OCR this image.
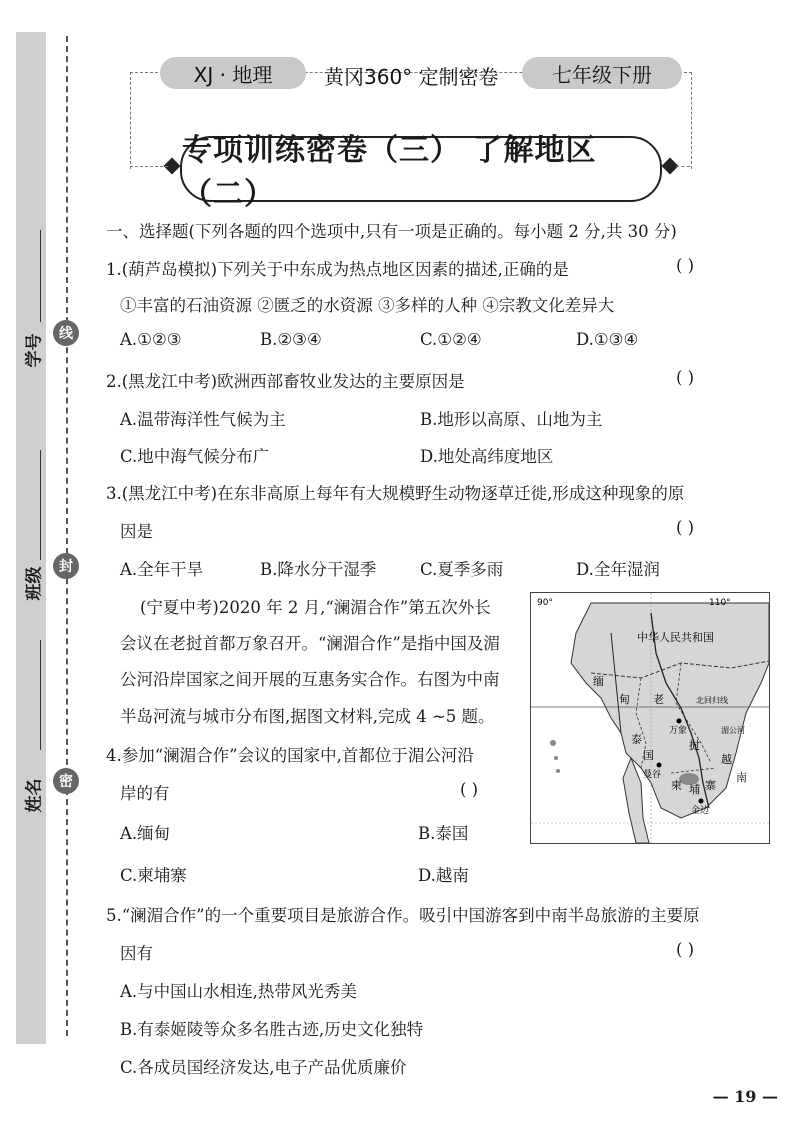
线
封
密
学号
班级
姓名
XJ · 地理	黄冈360° 定制密卷	七年级下册
专项训练密卷（三） 了解地区（二）
一、选择题(下列各题的四个选项中,只有一项是正确的。每小题 2 分,共 30 分)
1.(葫芦岛模拟)下列关于中东成为热点地区因素的描述,正确的是	( )
①丰富的石油资源 ②匮乏的水资源 ③多样的人种 ④宗教文化差异大
A.①②③	B.②③④	C.①②④	D.①③④
2.(黑龙江中考)欧洲西部畜牧业发达的主要原因是	( )
A.温带海洋性气候为主	B.地形以高原、山地为主
C.地中海气候分布广	D.地处高纬度地区
3.(黑龙江中考)在东非高原上每年有大规模野生动物逐草迁徙,形成这种现象的原
因是	( )
A.全年干旱	B.降水分干湿季	C.夏季多雨	D.全年湿润
(宁夏中考)2020 年 2 月,“澜湄合作”第五次外长
会议在老挝首都万象召开。“澜湄合作”是指中国及湄
公河沿岸国家之间开展的互惠务实合作。右图为中南
半岛河流与城市分布图,据图文材料,完成 4 ~5 题。
4.参加“澜湄合作”会议的国家中,首都位于湄公河沿
岸的有	( )
A.缅甸	B.泰国
C.柬埔寨	D.越南
5.“澜湄合作”的一个重要项目是旅游合作。吸引中国游客到中南半岛旅游的主要原
因有	( )
A.与中国山水相连,热带风光秀美
B.有泰姬陵等众多名胜古迹,历史文化独特
C.各成员国经济发达,电子产品优质廉价
90°	110°
中华人民共和国
北回归线
湄公河
缅
甸 老
万象
泰
国
挝
越
曼谷
柬 埔 寨
金边
南
— 19 —
